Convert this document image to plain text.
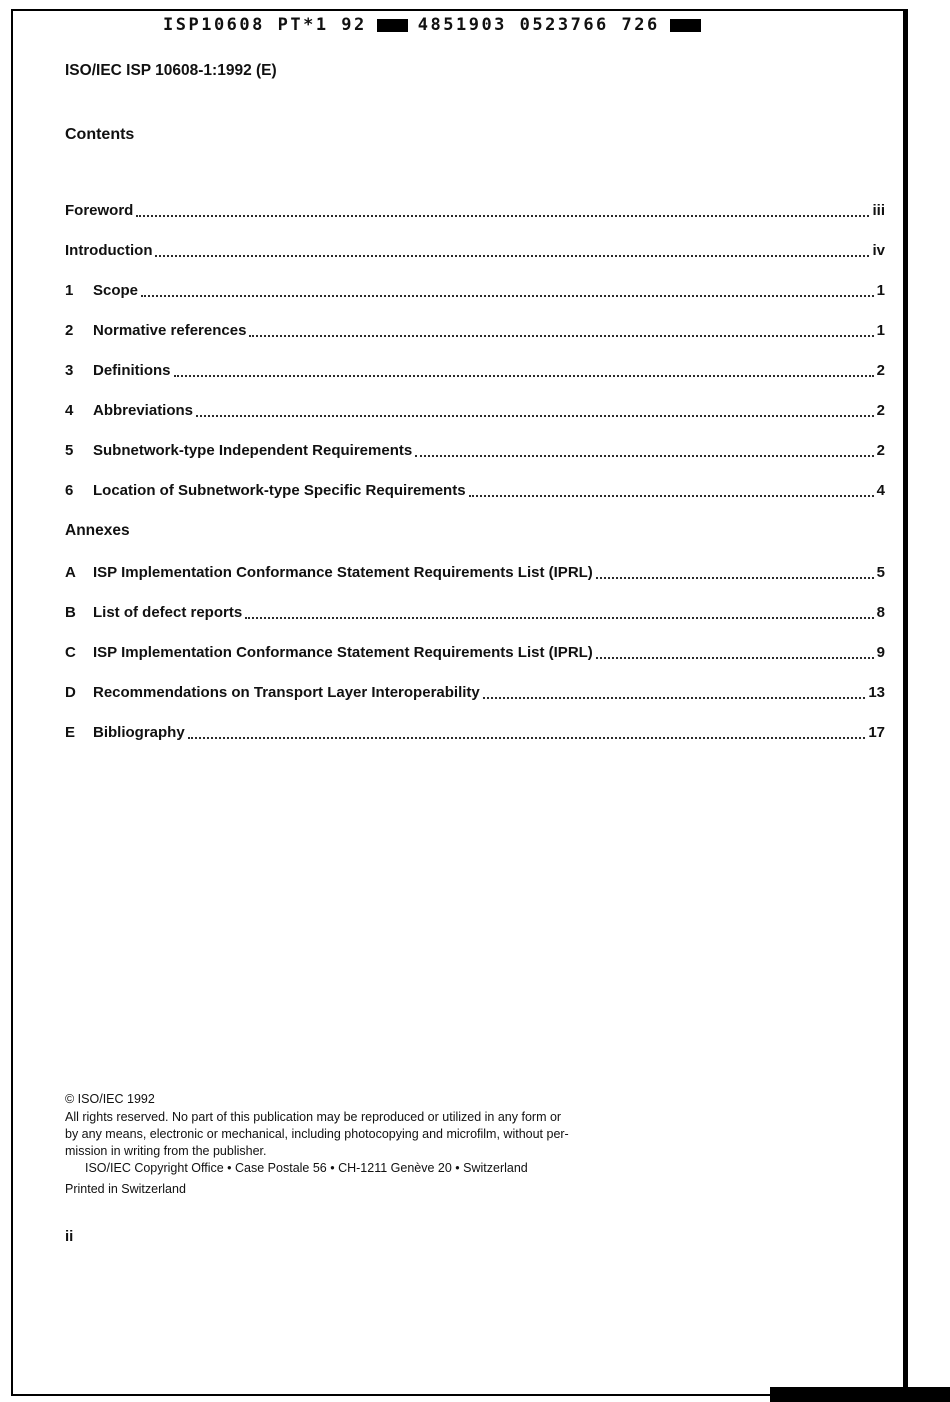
ISP10608 PT*1 92	4851903 0523766 726
ISO/IEC ISP 10608-1:1992 (E)
Contents
Foreword	iii
Introduction	iv
1	Scope	1
2	Normative references	1
3	Definitions	2
4	Abbreviations	2
5	Subnetwork-type Independent Requirements	2
6	Location of Subnetwork-type Specific Requirements	4
Annexes
A	ISP Implementation Conformance Statement Requirements List (IPRL)	5
B	List of defect reports	8
C	ISP Implementation Conformance Statement Requirements List (IPRL)	9
D	Recommendations on Transport Layer Interoperability	13
E	Bibliography	17
© ISO/IEC 1992
All rights reserved. No part of this publication may be reproduced or utilized in any form or
by any means, electronic or mechanical, including photocopying and microfilm, without per-
mission in writing from the publisher.
ISO/IEC Copyright Office • Case Postale 56 • CH-1211 Genève 20 • Switzerland
Printed in Switzerland
ii
